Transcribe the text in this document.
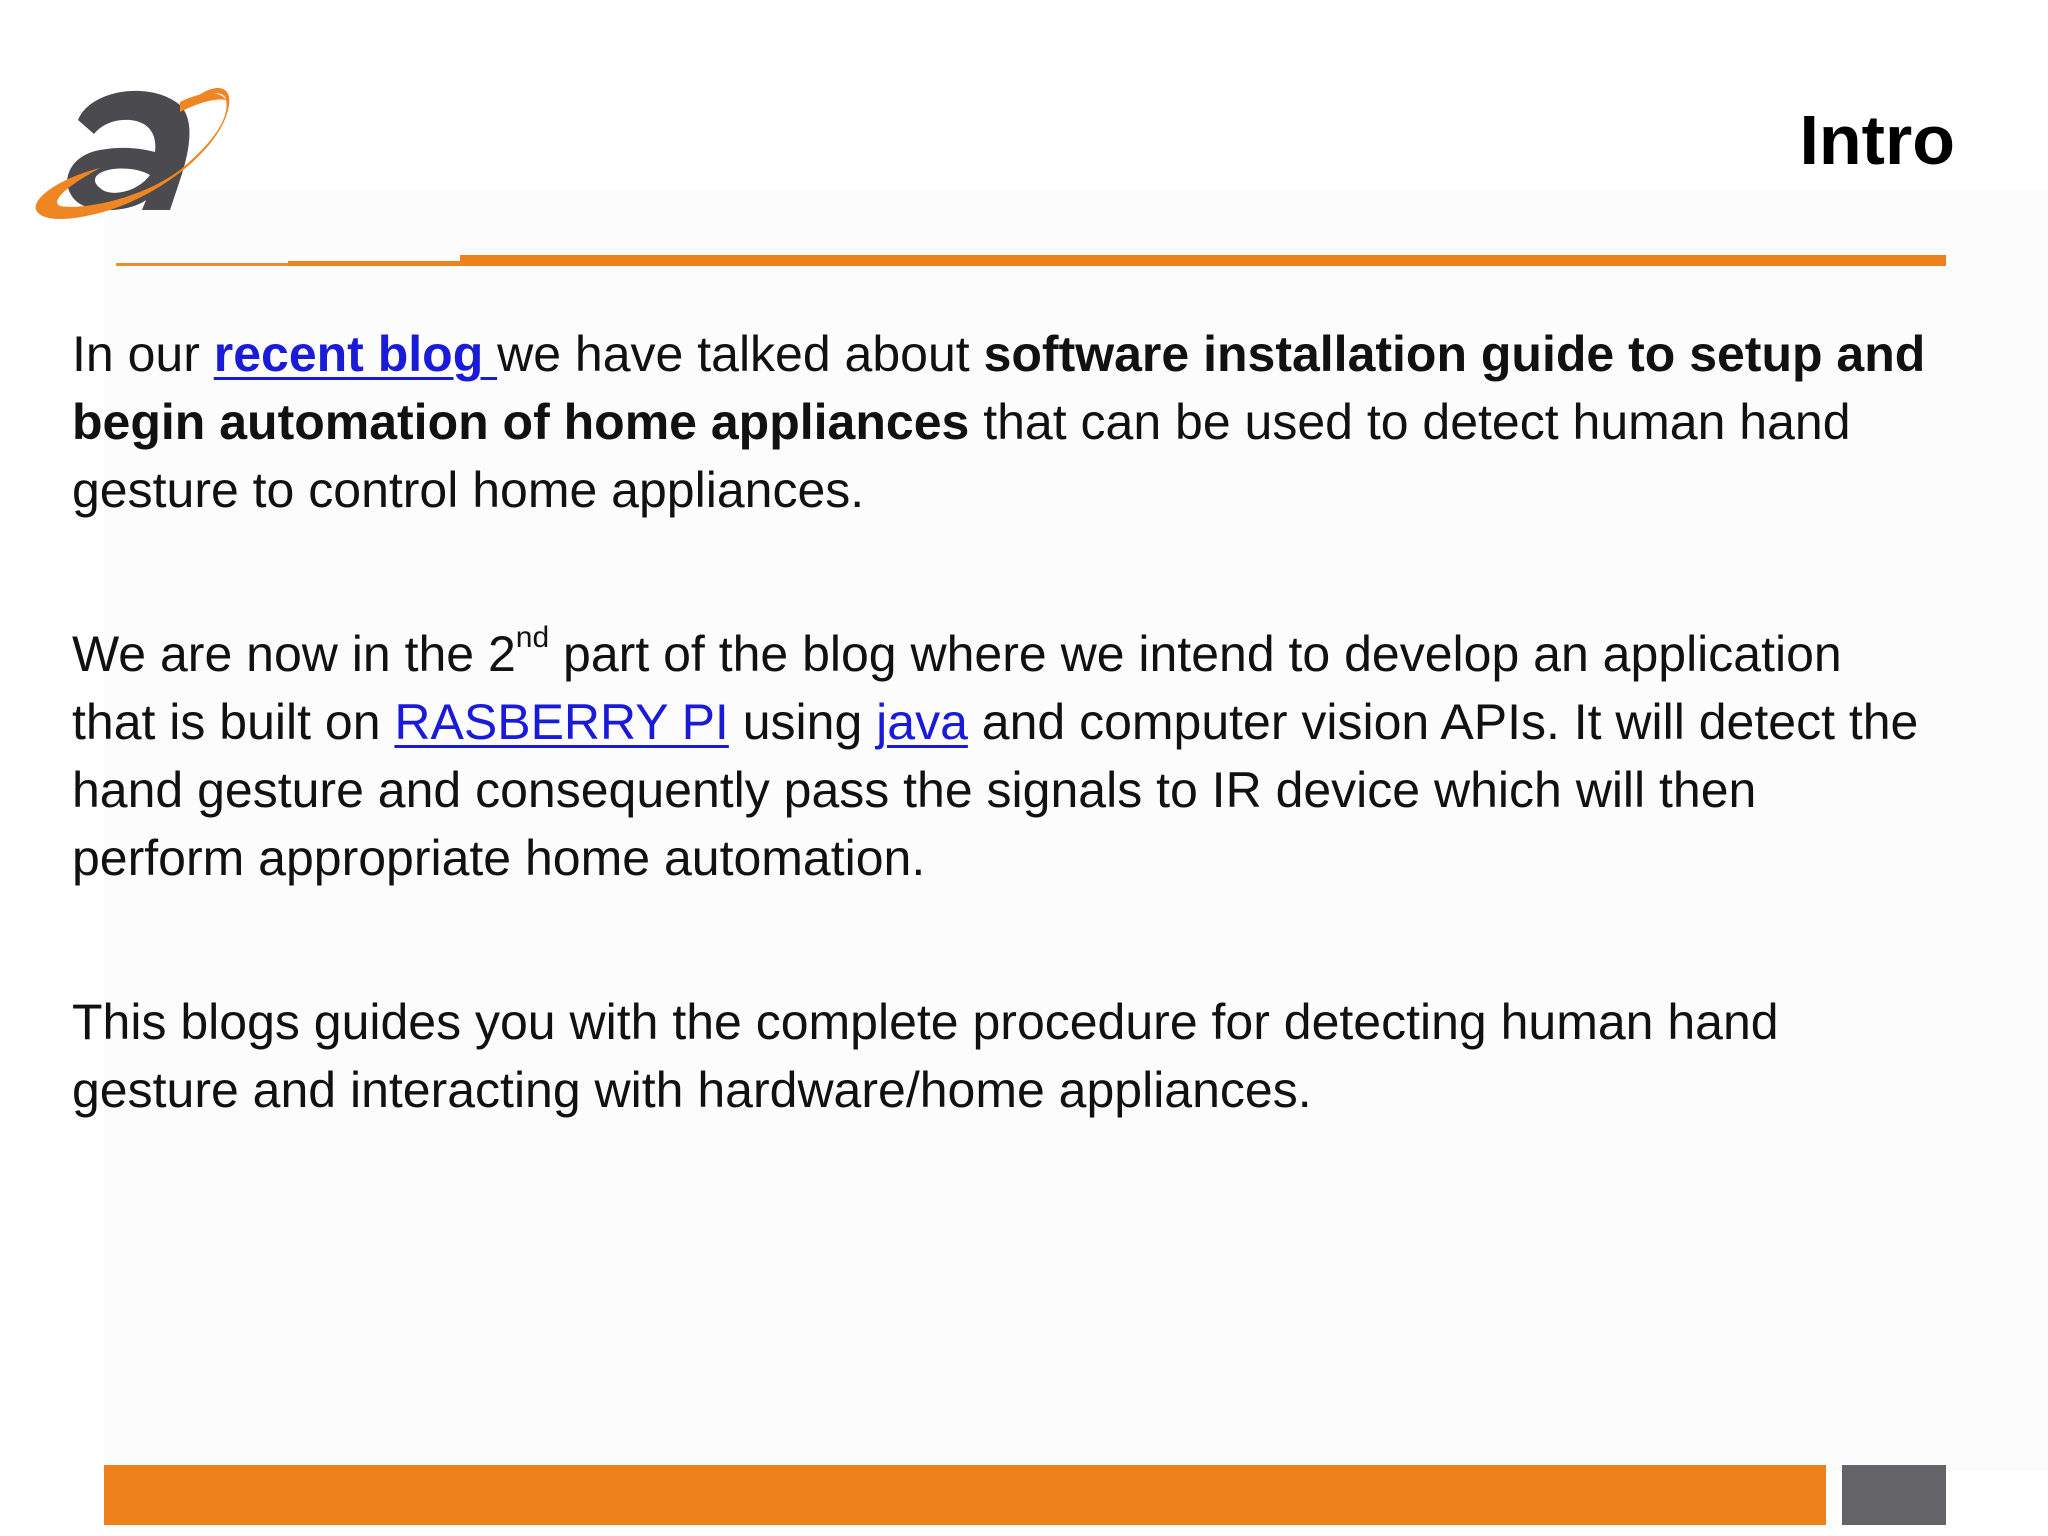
Intro

In our recent blog we have talked about software installation guide to setup and
begin automation of home appliances that can be used to detect human hand
gesture to control home appliances.

We are now in the 2nd part of the blog where we intend to develop an application
that is built on RASBERRY PI using java and computer vision APIs. It will detect the
hand gesture and consequently pass the signals to IR device which will then
perform appropriate home automation.

This blogs guides you with the complete procedure for detecting human hand
gesture and interacting with hardware/home appliances.
